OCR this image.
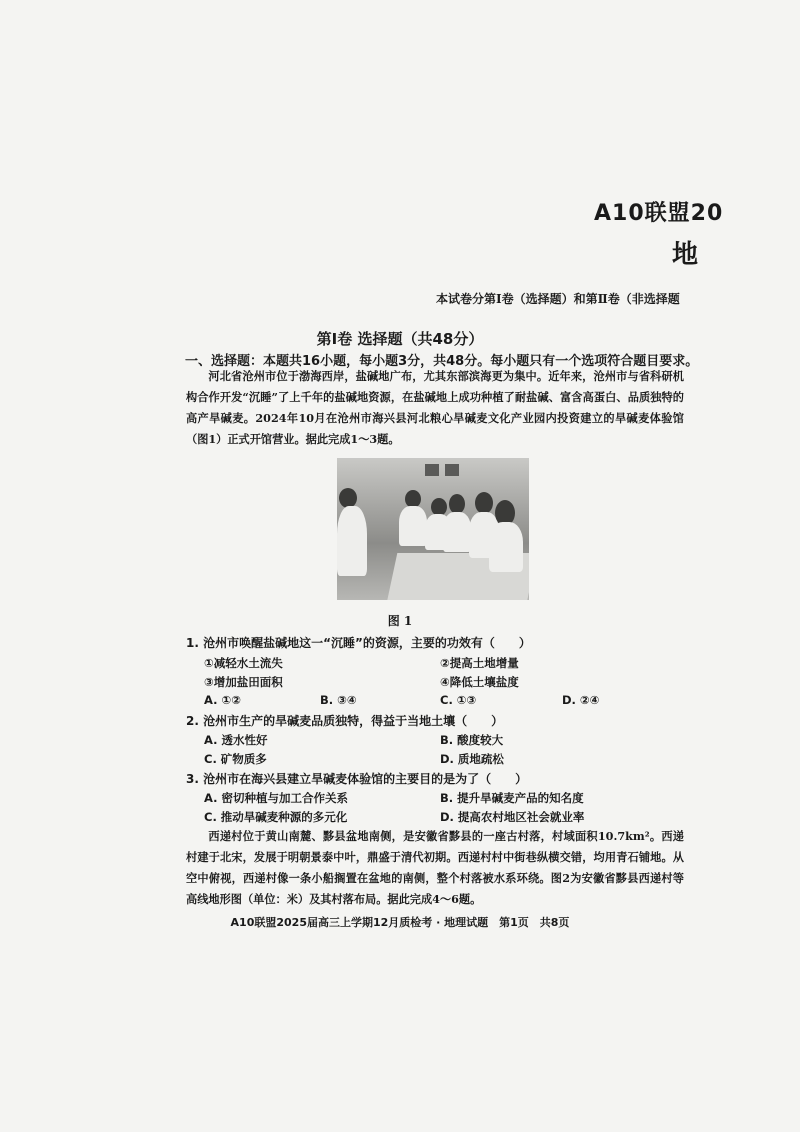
A10联盟20
地
本试卷分第Ⅰ卷（选择题）和第Ⅱ卷（非选择题
第Ⅰ卷 选择题（共48分）
一、选择题：本题共16小题，每小题3分，共48分。每小题只有一个选项符合题目要求。
河北省沧州市位于渤海西岸，盐碱地广布，尤其东部滨海更为集中。近年来，沧州市与省科研机构合作开发“沉睡”了上千年的盐碱地资源，在盐碱地上成功种植了耐盐碱、富含高蛋白、品质独特的高产旱碱麦。2024年10月在沧州市海兴县河北粮心旱碱麦文化产业园内投资建立的旱碱麦体验馆（图1）正式开馆营业。据此完成1～3题。
图 1
1. 沧州市唤醒盐碱地这一“沉睡”的资源，主要的功效有（　　）
①减轻水土流失	②提高土地增量
③增加盐田面积	④降低土壤盐度
A. ①②	B. ③④	C. ①③	D. ②④
2. 沧州市生产的旱碱麦品质独特，得益于当地土壤（　　）
A. 透水性好	B. 酸度较大
C. 矿物质多	D. 质地疏松
3. 沧州市在海兴县建立旱碱麦体验馆的主要目的是为了（　　）
A. 密切种植与加工合作关系	B. 提升旱碱麦产品的知名度
C. 推动旱碱麦种源的多元化	D. 提高农村地区社会就业率
西递村位于黄山南麓、黟县盆地南侧，是安徽省黟县的一座古村落，村域面积10.7km²。西递村建于北宋，发展于明朝景泰中叶，鼎盛于清代初期。西递村村中街巷纵横交错，均用青石铺地。从空中俯视，西递村像一条小船搁置在盆地的南侧，整个村落被水系环绕。图2为安徽省黟县西递村等高线地形图（单位：米）及其村落布局。据此完成4～6题。
A10联盟2025届高三上学期12月质检考 · 地理试题　第1页　共8页
